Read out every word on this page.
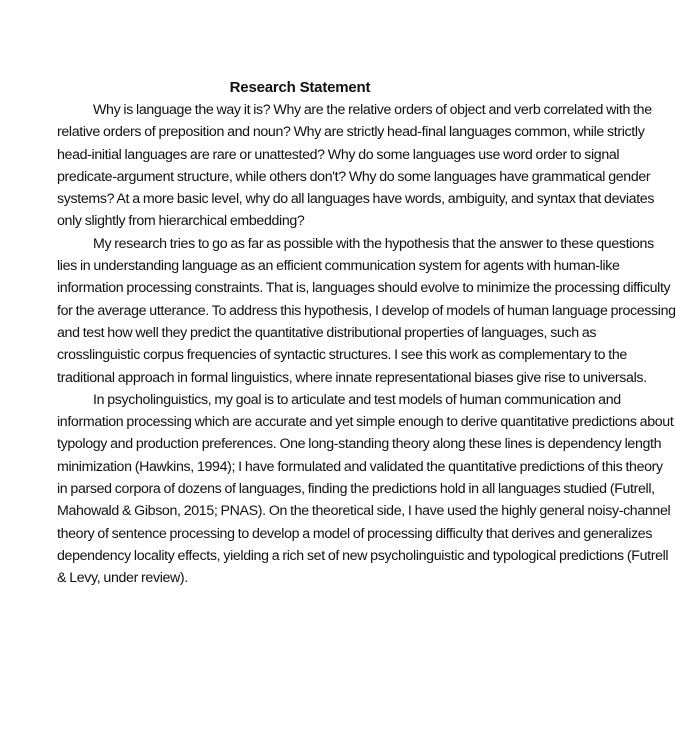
Research Statement

Why is language the way it is? Why are the relative orders of object and verb correlated with the
relative orders of preposition and noun? Why are strictly head-final languages common, while strictly
head-initial languages are rare or unattested? Why do some languages use word order to signal
predicate-argument structure, while others don't? Why do some languages have grammatical gender
systems? At a more basic level, why do all languages have words, ambiguity, and syntax that deviates
only slightly from hierarchical embedding?

My research tries to go as far as possible with the hypothesis that the answer to these questions
lies in understanding language as an efficient communication system for agents with human-like
information processing constraints. That is, languages should evolve to minimize the processing difficulty
for the average utterance. To address this hypothesis, I develop of models of human language processing
and test how well they predict the quantitative distributional properties of languages, such as
crosslinguistic corpus frequencies of syntactic structures. I see this work as complementary to the
traditional approach in formal linguistics, where innate representational biases give rise to universals.

In psycholinguistics, my goal is to articulate and test models of human communication and
information processing which are accurate and yet simple enough to derive quantitative predictions about
typology and production preferences. One long-standing theory along these lines is dependency length
minimization (Hawkins, 1994); I have formulated and validated the quantitative predictions of this theory
in parsed corpora of dozens of languages, finding the predictions hold in all languages studied (Futrell,
Mahowald & Gibson, 2015; PNAS). On the theoretical side, I have used the highly general noisy-channel
theory of sentence processing to develop a model of processing difficulty that derives and generalizes
dependency locality effects, yielding a rich set of new psycholinguistic and typological predictions (Futrell
& Levy, under review).
